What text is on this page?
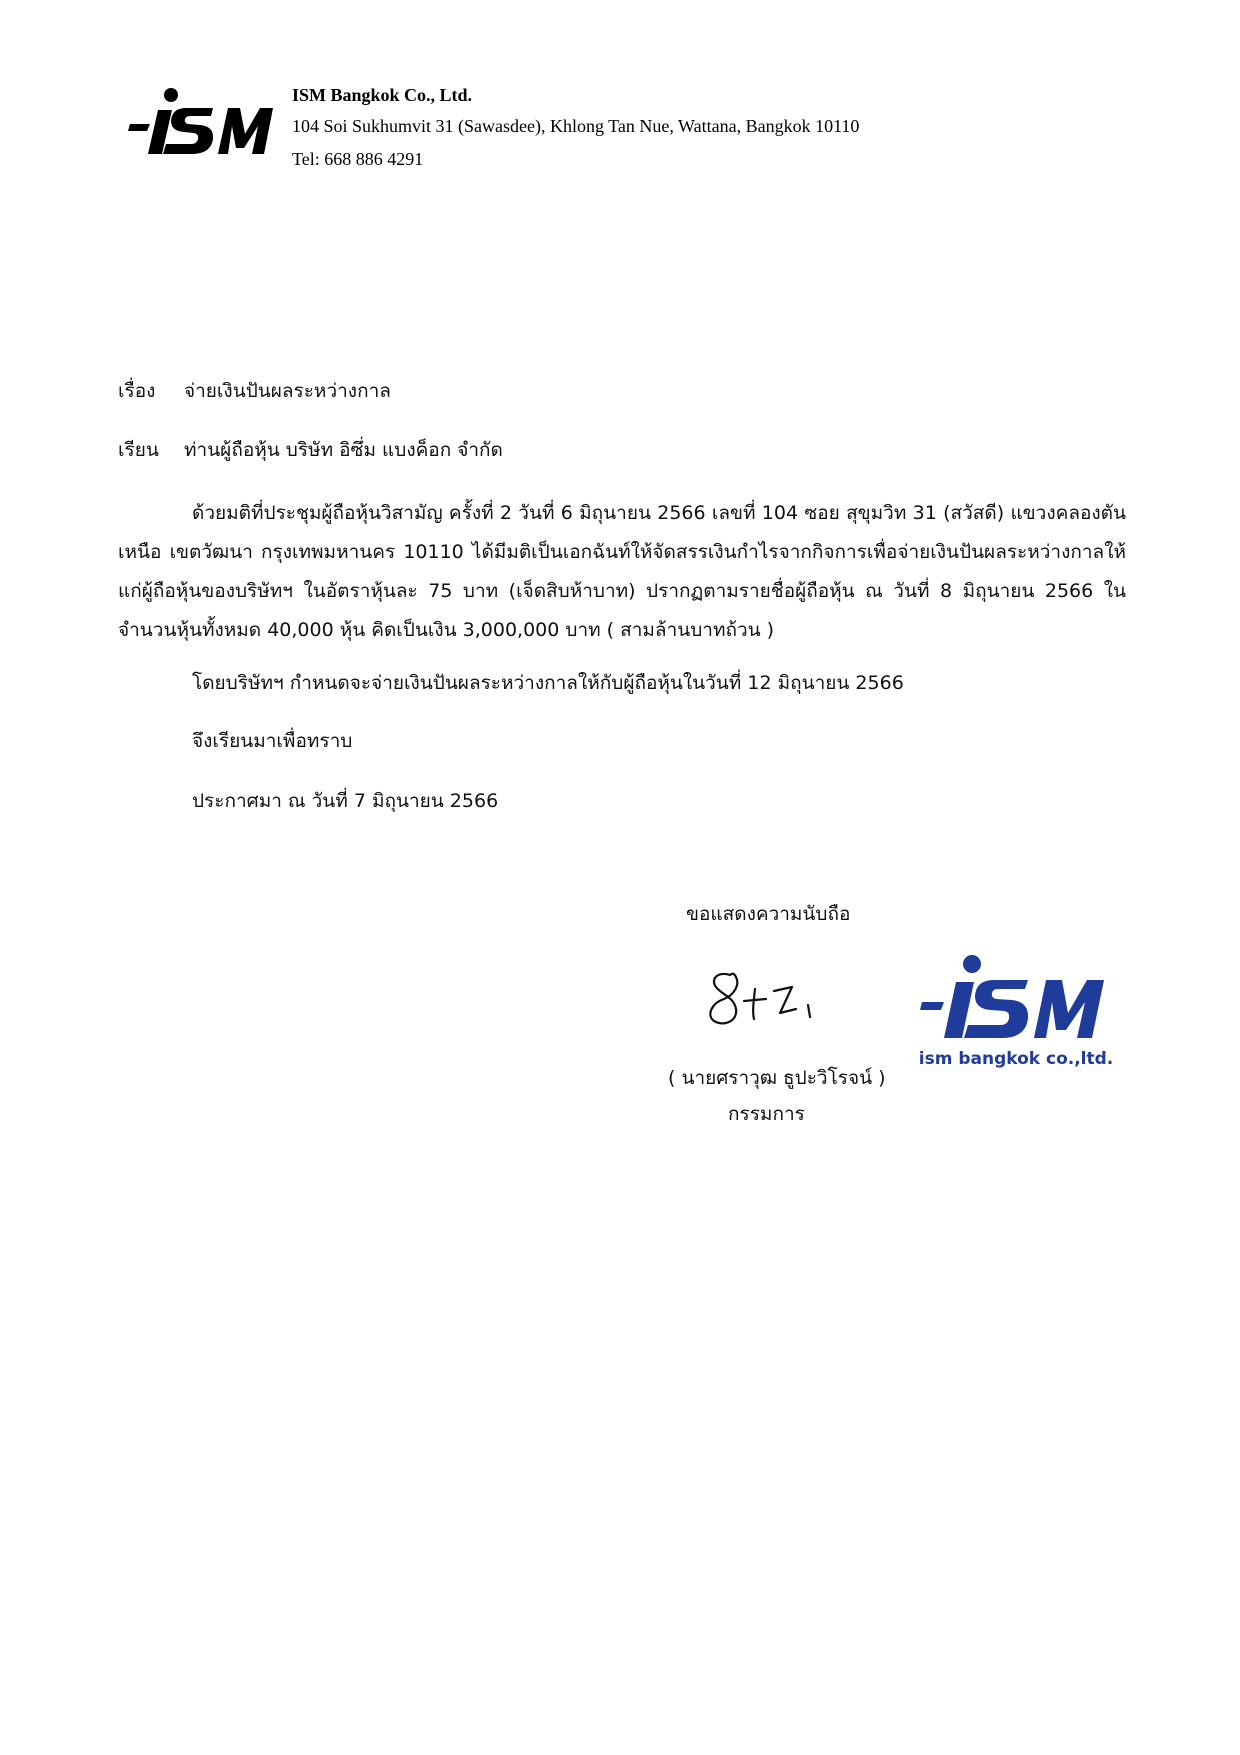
ISM Bangkok Co., Ltd.
104 Soi Sukhumvit 31 (Sawasdee), Khlong Tan Nue, Wattana, Bangkok 10110
Tel: 668 886 4291
เรื่อง จ่ายเงินปันผลระหว่างกาล
เรียน ท่านผู้ถือหุ้น บริษัท อิซึ่ม แบงค็อก จำกัด

ด้วยมติที่ประชุมผู้ถือหุ้นวิสามัญ ครั้งที่ 2 วันที่ 6 มิถุนายน 2566 เลขที่ 104 ซอย สุขุมวิท 31 (สวัสดี) แขวงคลองตันเหนือ เขตวัฒนา กรุงเทพมหานคร 10110 ได้มีมติเป็นเอกฉันท์ให้จัดสรรเงินกำไรจากกิจการเพื่อจ่ายเงินปันผลระหว่างกาลให้แก่ผู้ถือหุ้นของบริษัทฯ ในอัตราหุ้นละ 75 บาท (เจ็ดสิบห้าบาท) ปรากฏตามรายชื่อผู้ถือหุ้น ณ วันที่ 8 มิถุนายน 2566 ในจำนวนหุ้นทั้งหมด 40,000 หุ้น คิดเป็นเงิน 3,000,000 บาท ( สามล้านบาทถ้วน )

โดยบริษัทฯ กำหนดจะจ่ายเงินปันผลระหว่างกาลให้กับผู้ถือหุ้นในวันที่ 12 มิถุนายน 2566
จึงเรียนมาเพื่อทราบ
ประกาศมา ณ วันที่ 7 มิถุนายน 2566
ขอแสดงความนับถือ
( นายศราวุฒ ธูปะวิโรจน์ )
กรรมการ
ism bangkok co.,ltd.
